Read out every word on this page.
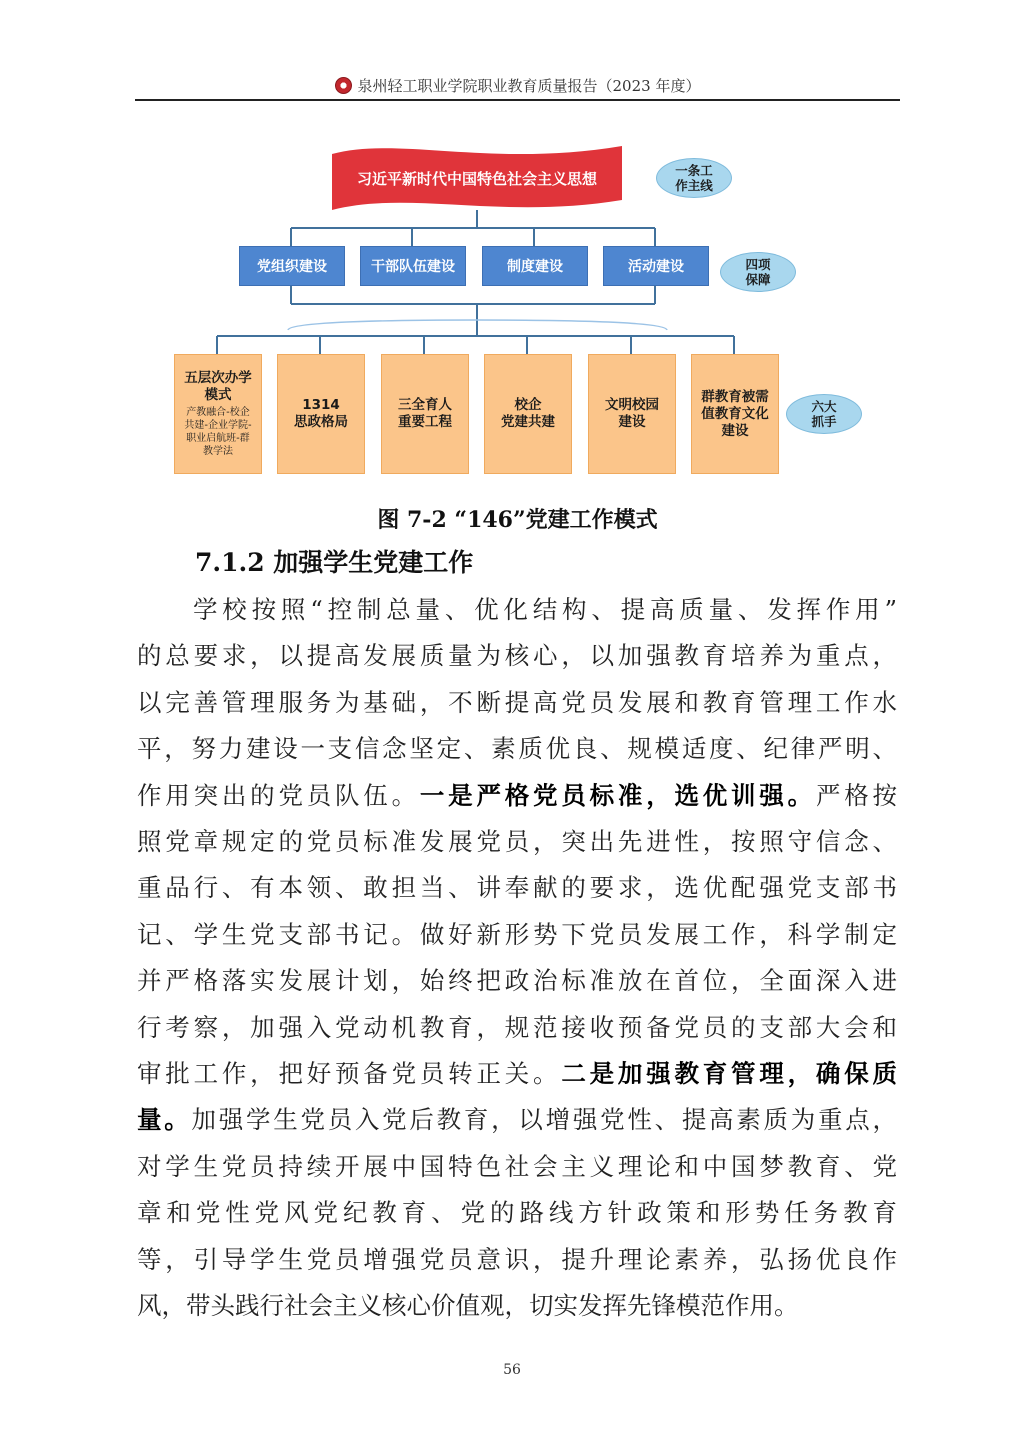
泉州轻工职业学院职业教育质量报告（2023 年度）
习近平新时代中国特色社会主义思想
党组织建设	干部队伍建设	制度建设	活动建设
五层次办学
模式
产教融合-校企
共建-企业学院-
职业启航班-群
教学法
1314
思政格局
三全育人
重要工程
校企
党建共建
文明校园
建设
群教育被需
值教育文化
建设
一条工
作主线
四项
保障
六大
抓手
图 7-2 “146”党建工作模式
7.1.2 加强学生党建工作
学校按照“控制总量、优化结构、提高质量、发挥作用”
的总要求，以提高发展质量为核心，以加强教育培养为重点，
以完善管理服务为基础，不断提高党员发展和教育管理工作水
平，努力建设一支信念坚定、素质优良、规模适度、纪律严明、
作用突出的党员队伍。一是严格党员标准，选优训强。严格按
照党章规定的党员标准发展党员，突出先进性，按照守信念、
重品行、有本领、敢担当、讲奉献的要求，选优配强党支部书
记、学生党支部书记。做好新形势下党员发展工作，科学制定
并严格落实发展计划，始终把政治标准放在首位，全面深入进
行考察，加强入党动机教育，规范接收预备党员的支部大会和
审批工作，把好预备党员转正关。二是加强教育管理，确保质
量。加强学生党员入党后教育，以增强党性、提高素质为重点，
对学生党员持续开展中国特色社会主义理论和中国梦教育、党
章和党性党风党纪教育、党的路线方针政策和形势任务教育
等，引导学生党员增强党员意识，提升理论素养，弘扬优良作
风，带头践行社会主义核心价值观，切实发挥先锋模范作用。
56
